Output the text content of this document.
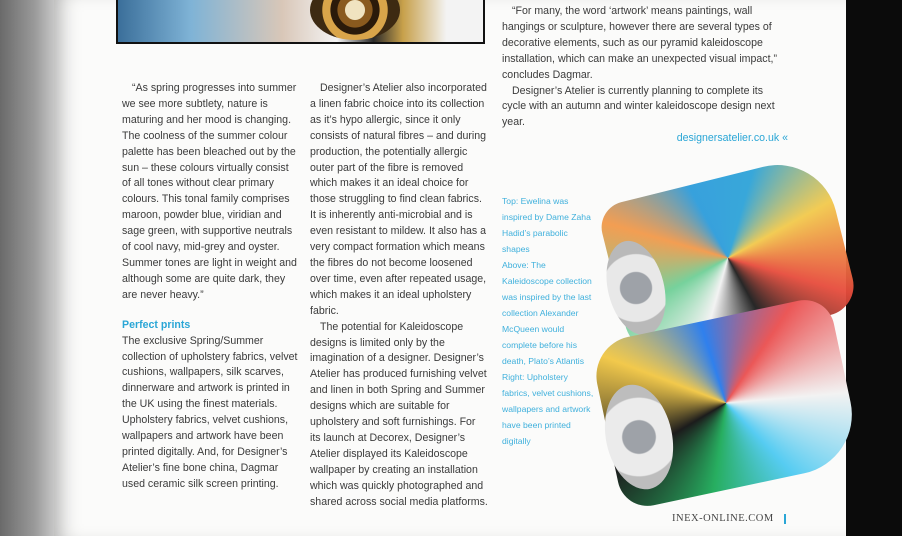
“As spring progresses into summer we see more subtlety, nature is maturing and her mood is changing. The coolness of the summer colour palette has been bleached out by the sun – these colours virtually consist of all tones without clear primary colours. This tonal family comprises maroon, powder blue, viridian and sage green, with supportive neutrals of cool navy, mid-grey and oyster. Summer tones are light in weight and although some are quite dark, they are never heavy.”

Perfect prints

The exclusive Spring/Summer collection of upholstery fabrics, velvet cushions, wallpapers, silk scarves, dinnerware and artwork is printed in the UK using the finest materials. Upholstery fabrics, velvet cushions, wallpapers and artwork have been printed digitally. And, for Designer’s Atelier’s fine bone china, Dagmar used ceramic silk screen printing.

Designer’s Atelier also incorporated a linen fabric choice into its collection as it’s hypo allergic, since it only consists of natural fibres – and during production, the potentially allergic outer part of the fibre is removed which makes it an ideal choice for those struggling to find clean fabrics. It is inherently anti-microbial and is even resistant to mildew. It also has a very compact formation which means the fibres do not become loosened over time, even after repeated usage, which makes it an ideal upholstery fabric.

The potential for Kaleidoscope designs is limited only by the imagination of a designer. Designer’s Atelier has produced furnishing velvet and linen in both Spring and Summer designs which are suitable for upholstery and soft furnishings. For its launch at Decorex, Designer’s Atelier displayed its Kaleidoscope wallpaper by creating an installation which was quickly photographed and shared across social media platforms.

“For many, the word ‘artwork’ means paintings, wall hangings or sculpture, however there are several types of decorative elements, such as our pyramid kaleidoscope installation, which can make an unexpected visual impact,” concludes Dagmar.

Designer’s Atelier is currently planning to complete its cycle with an autumn and winter kaleidoscope design next year.

designersatelier.co.uk «

Top: Ewelina was inspired by Dame Zaha Hadid’s parabolic shapes

Above: The Kaleidoscope collection was inspired by the last collection Alexander McQueen would complete before his death, Plato’s Atlantis

Right: Upholstery fabrics, velvet cushions, wallpapers and artwork have been printed digitally

INEX-ONLINE.COM
